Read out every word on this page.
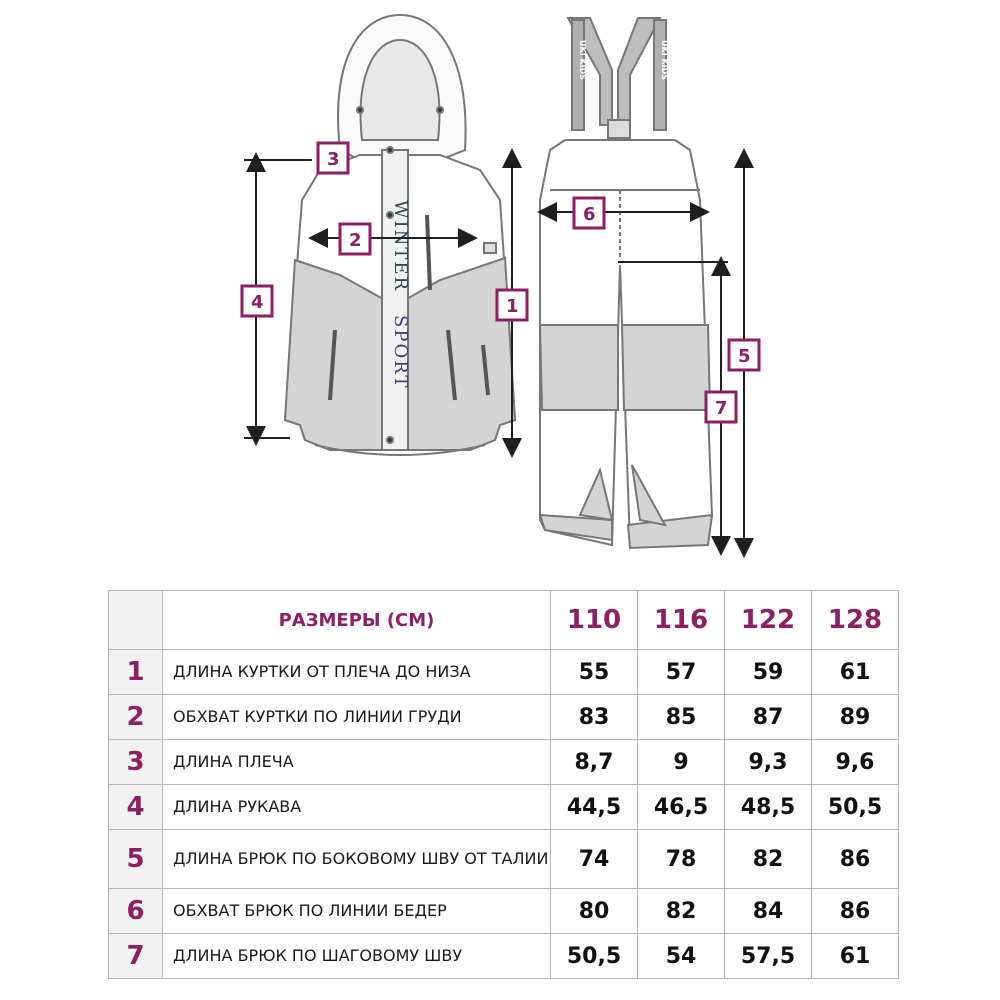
WINTER
SPORT
UKI KIDS	UKI KIDS
1
2
3
4
5
6
7
	РАЗМЕРЫ (СМ)	110	116	122	128
1	ДЛИНА КУРТКИ ОТ ПЛЕЧА ДО НИЗА	55	57	59	61
2	ОБХВАТ КУРТКИ ПО ЛИНИИ ГРУДИ	83	85	87	89
3	ДЛИНА ПЛЕЧА	8,7	9	9,3	9,6
4	ДЛИНА РУКАВА	44,5	46,5	48,5	50,5
5	ДЛИНА БРЮК ПО БОКОВОМУ ШВУ ОТ ТАЛИИ	74	78	82	86
6	ОБХВАТ БРЮК ПО ЛИНИИ БЕДЕР	80	82	84	86
7	ДЛИНА БРЮК ПО ШАГОВОМУ ШВУ	50,5	54	57,5	61
